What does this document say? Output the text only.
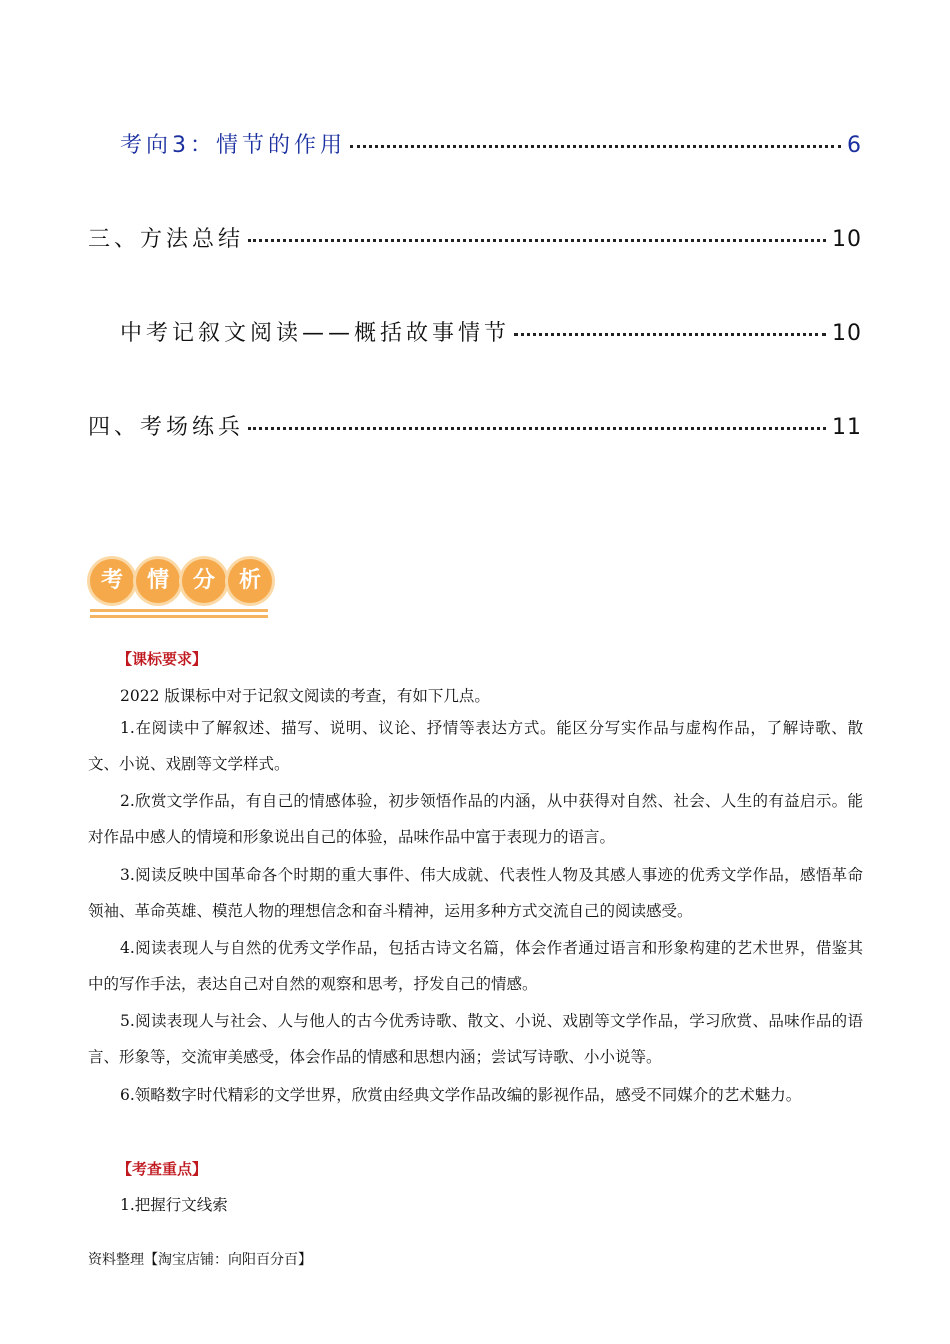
考向3：情节的作用	6
三、方法总结	10
中考记叙文阅读——概括故事情节	10
四、考场练兵	11
考	情	分	析
【课标要求】
2022 版课标中对于记叙文阅读的考查，有如下几点。

1.在阅读中了解叙述、描写、说明、议论、抒情等表达方式。能区分写实作品与虚构作品，了解诗歌、散文、小说、戏剧等文学样式。

2.欣赏文学作品，有自己的情感体验，初步领悟作品的内涵，从中获得对自然、社会、人生的有益启示。能对作品中感人的情境和形象说出自己的体验，品味作品中富于表现力的语言。

3.阅读反映中国革命各个时期的重大事件、伟大成就、代表性人物及其感人事迹的优秀文学作品，感悟革命领袖、革命英雄、模范人物的理想信念和奋斗精神，运用多种方式交流自己的阅读感受。

4.阅读表现人与自然的优秀文学作品，包括古诗文名篇，体会作者通过语言和形象构建的艺术世界，借鉴其中的写作手法，表达自己对自然的观察和思考，抒发自己的情感。

5.阅读表现人与社会、人与他人的古今优秀诗歌、散文、小说、戏剧等文学作品，学习欣赏、品味作品的语言、形象等，交流审美感受，体会作品的情感和思想内涵；尝试写诗歌、小小说等。

6.领略数字时代精彩的文学世界，欣赏由经典文学作品改编的影视作品，感受不同媒介的艺术魅力。

【考查重点】
1.把握行文线索
资料整理【淘宝店铺：向阳百分百】
